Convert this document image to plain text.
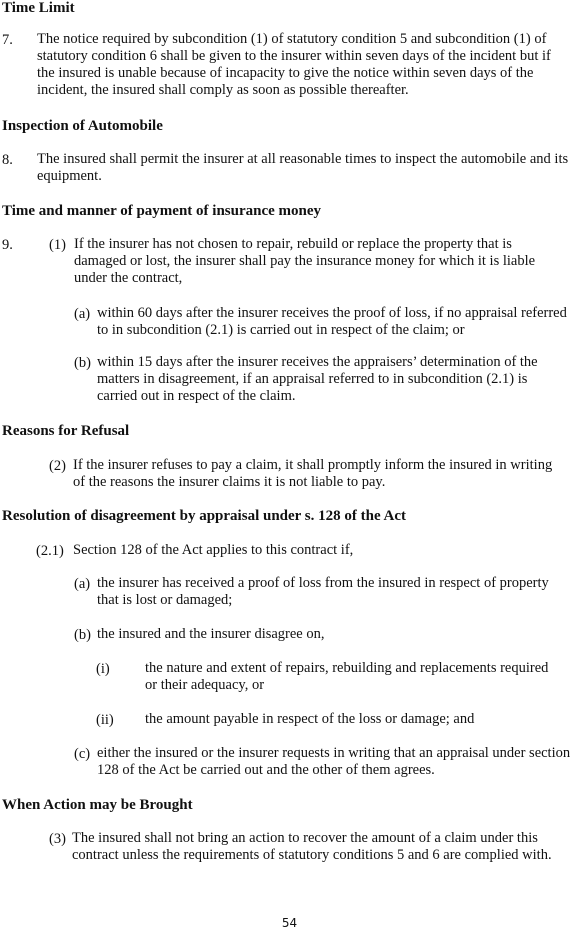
Time Limit
7. The notice required by subcondition (1) of statutory condition 5 and subcondition (1) of statutory condition 6 shall be given to the insurer within seven days of the incident but if the insured is unable because of incapacity to give the notice within seven days of the incident, the insured shall comply as soon as possible thereafter.
Inspection of Automobile
8. The insured shall permit the insurer at all reasonable times to inspect the automobile and its equipment.
Time and manner of payment of insurance money
9. (1) If the insurer has not chosen to repair, rebuild or replace the property that is damaged or lost, the insurer shall pay the insurance money for which it is liable under the contract,
(a) within 60 days after the insurer receives the proof of loss, if no appraisal referred to in subcondition (2.1) is carried out in respect of the claim; or
(b) within 15 days after the insurer receives the appraisers’ determination of the matters in disagreement, if an appraisal referred to in subcondition (2.1) is carried out in respect of the claim.
Reasons for Refusal
(2) If the insurer refuses to pay a claim, it shall promptly inform the insured in writing of the reasons the insurer claims it is not liable to pay.
Resolution of disagreement by appraisal under s. 128 of the Act
(2.1) Section 128 of the Act applies to this contract if,
(a) the insurer has received a proof of loss from the insured in respect of property that is lost or damaged;
(b) the insured and the insurer disagree on,
(i) the nature and extent of repairs, rebuilding and replacements required or their adequacy, or
(ii) the amount payable in respect of the loss or damage; and
(c) either the insured or the insurer requests in writing that an appraisal under section 128 of the Act be carried out and the other of them agrees.
When Action may be Brought
(3) The insured shall not bring an action to recover the amount of a claim under this contract unless the requirements of statutory conditions 5 and 6 are complied with.
54
